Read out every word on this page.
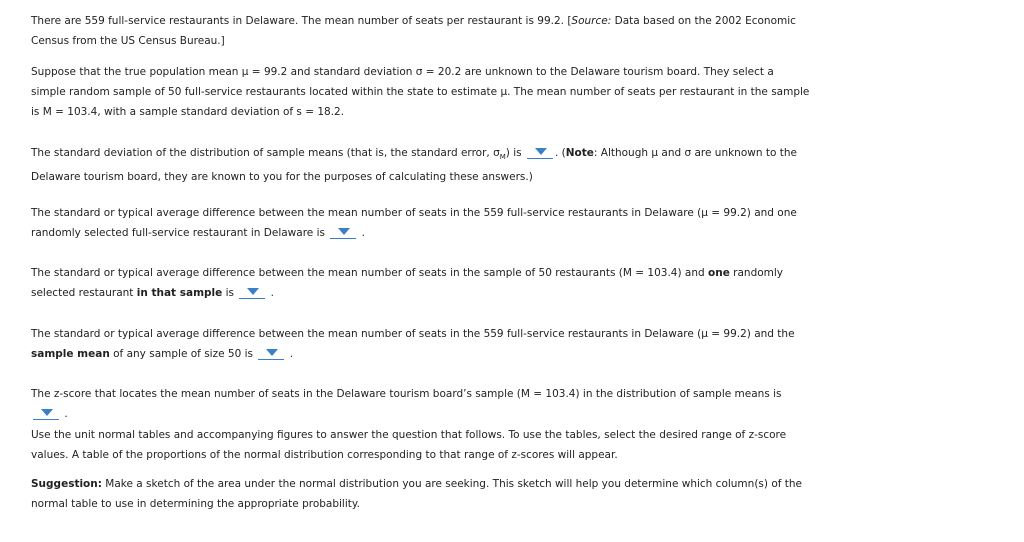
There are 559 full-service restaurants in Delaware. The mean number of seats per restaurant is 99.2. [Source: Data based on the 2002 Economic Census from the US Census Bureau.]
Suppose that the true population mean μ = 99.2 and standard deviation σ = 20.2 are unknown to the Delaware tourism board. They select a simple random sample of 50 full-service restaurants located within the state to estimate μ. The mean number of seats per restaurant in the sample is M = 103.4, with a sample standard deviation of s = 18.2.
The standard deviation of the distribution of sample means (that is, the standard error, $\sigma_M$) is	. (Note: Although μ and σ are unknown to the Delaware tourism board, they are known to you for the purposes of calculating these answers.)
The standard or typical average difference between the mean number of seats in the 559 full-service restaurants in Delaware (μ = 99.2) and one randomly selected full-service restaurant in Delaware is	.
The standard or typical average difference between the mean number of seats in the sample of 50 restaurants (M = 103.4) and one randomly selected restaurant in that sample is	.
The standard or typical average difference between the mean number of seats in the 559 full-service restaurants in Delaware (μ = 99.2) and the sample mean of any sample of size 50 is	.
The z-score that locates the mean number of seats in the Delaware tourism board’s sample (M = 103.4) in the distribution of sample means is
.
Use the unit normal tables and accompanying figures to answer the question that follows. To use the tables, select the desired range of z-score values. A table of the proportions of the normal distribution corresponding to that range of z-scores will appear.
Suggestion: Make a sketch of the area under the normal distribution you are seeking. This sketch will help you determine which column(s) of the normal table to use in determining the appropriate probability.
